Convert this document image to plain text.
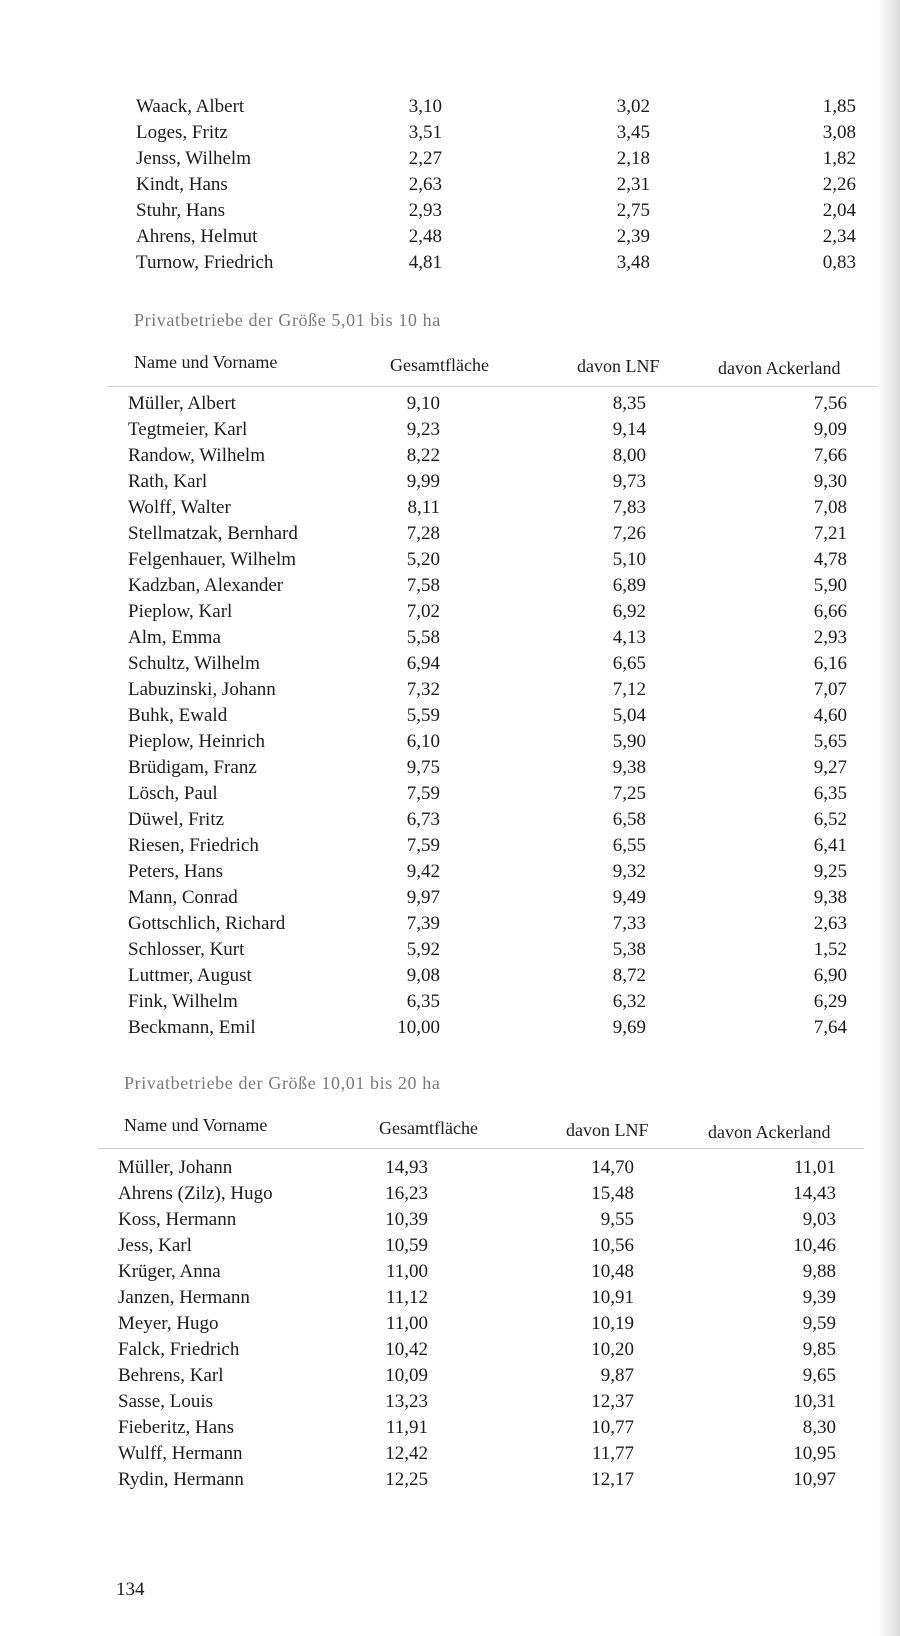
Waack, Albert	3,10	3,02	1,85
Loges, Fritz	3,51	3,45	3,08
Jenss, Wilhelm	2,27	2,18	1,82
Kindt, Hans	2,63	2,31	2,26
Stuhr, Hans	2,93	2,75	2,04
Ahrens, Helmut	2,48	2,39	2,34
Turnow, Friedrich	4,81	3,48	0,83
Privatbetriebe der Größe 5,01 bis 10 ha
Name und Vorname	Gesamtfläche	davon LNF	davon Ackerland
Müller, Albert	9,10	8,35	7,56
Tegtmeier, Karl	9,23	9,14	9,09
Randow, Wilhelm	8,22	8,00	7,66
Rath, Karl	9,99	9,73	9,30
Wolff, Walter	8,11	7,83	7,08
Stellmatzak, Bernhard	7,28	7,26	7,21
Felgenhauer, Wilhelm	5,20	5,10	4,78
Kadzban, Alexander	7,58	6,89	5,90
Pieplow, Karl	7,02	6,92	6,66
Alm, Emma	5,58	4,13	2,93
Schultz, Wilhelm	6,94	6,65	6,16
Labuzinski, Johann	7,32	7,12	7,07
Buhk, Ewald	5,59	5,04	4,60
Pieplow, Heinrich	6,10	5,90	5,65
Brüdigam, Franz	9,75	9,38	9,27
Lösch, Paul	7,59	7,25	6,35
Düwel, Fritz	6,73	6,58	6,52
Riesen, Friedrich	7,59	6,55	6,41
Peters, Hans	9,42	9,32	9,25
Mann, Conrad	9,97	9,49	9,38
Gottschlich, Richard	7,39	7,33	2,63
Schlosser, Kurt	5,92	5,38	1,52
Luttmer, August	9,08	8,72	6,90
Fink, Wilhelm	6,35	6,32	6,29
Beckmann, Emil	10,00	9,69	7,64
Privatbetriebe der Größe 10,01 bis 20 ha
Name und Vorname	Gesamtfläche	davon LNF	davon Ackerland
Müller, Johann	14,93	14,70	11,01
Ahrens (Zilz), Hugo	16,23	15,48	14,43
Koss, Hermann	10,39	9,55	9,03
Jess, Karl	10,59	10,56	10,46
Krüger, Anna	11,00	10,48	9,88
Janzen, Hermann	11,12	10,91	9,39
Meyer, Hugo	11,00	10,19	9,59
Falck, Friedrich	10,42	10,20	9,85
Behrens, Karl	10,09	9,87	9,65
Sasse, Louis	13,23	12,37	10,31
Fieberitz, Hans	11,91	10,77	8,30
Wulff, Hermann	12,42	11,77	10,95
Rydin, Hermann	12,25	12,17	10,97
134
